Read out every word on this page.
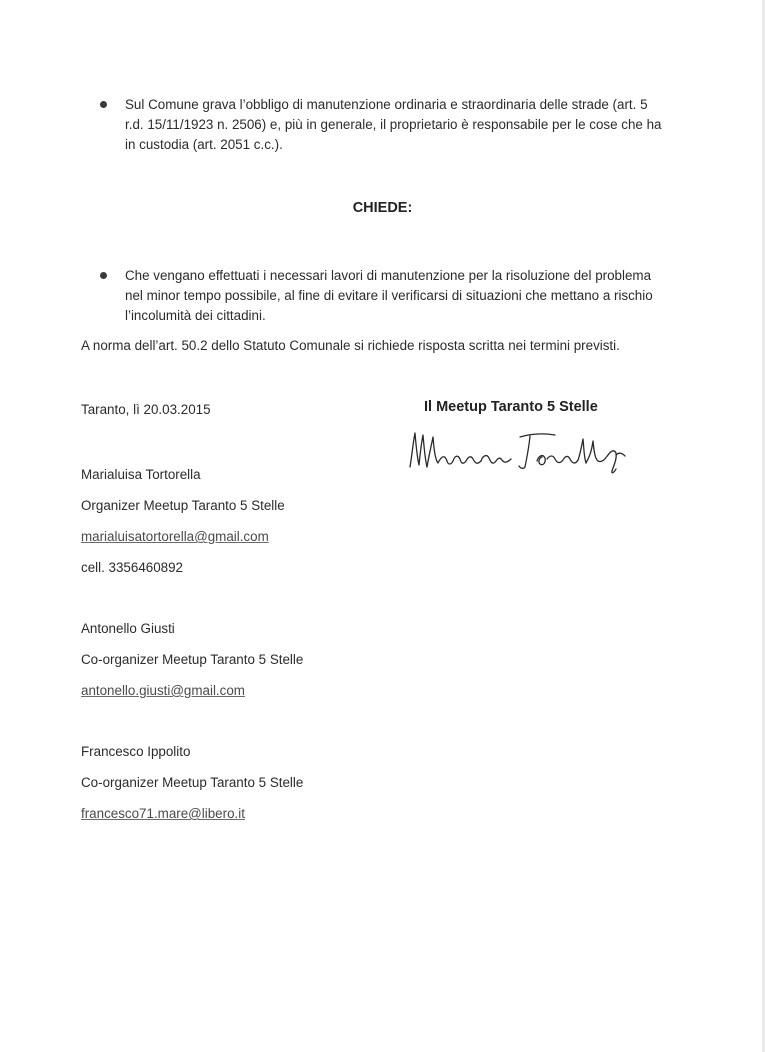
Sul Comune grava l’obbligo di manutenzione ordinaria e straordinaria delle strade (art. 5
r.d. 15/11/1923 n. 2506) e, più in generale, il proprietario è responsabile per le cose che ha
in custodia (art. 2051 c.c.).
CHIEDE:
Che vengano effettuati i necessari lavori di manutenzione per la risoluzione del problema
nel minor tempo possibile, al fine di evitare il verificarsi di situazioni che mettano a rischio
l’incolumità dei cittadini.
A norma dell’art. 50.2 dello Statuto Comunale si richiede risposta scritta nei termini previsti.
Taranto, lì 20.03.2015	Il Meetup Taranto 5 Stelle
Marialuisa Tortorella
Organizer Meetup Taranto 5 Stelle
marialuisatortorella@gmail.com
cell. 3356460892
Antonello Giusti
Co-organizer Meetup Taranto 5 Stelle
antonello.giusti@gmail.com
Francesco Ippolito
Co-organizer Meetup Taranto 5 Stelle
francesco71.mare@libero.it
